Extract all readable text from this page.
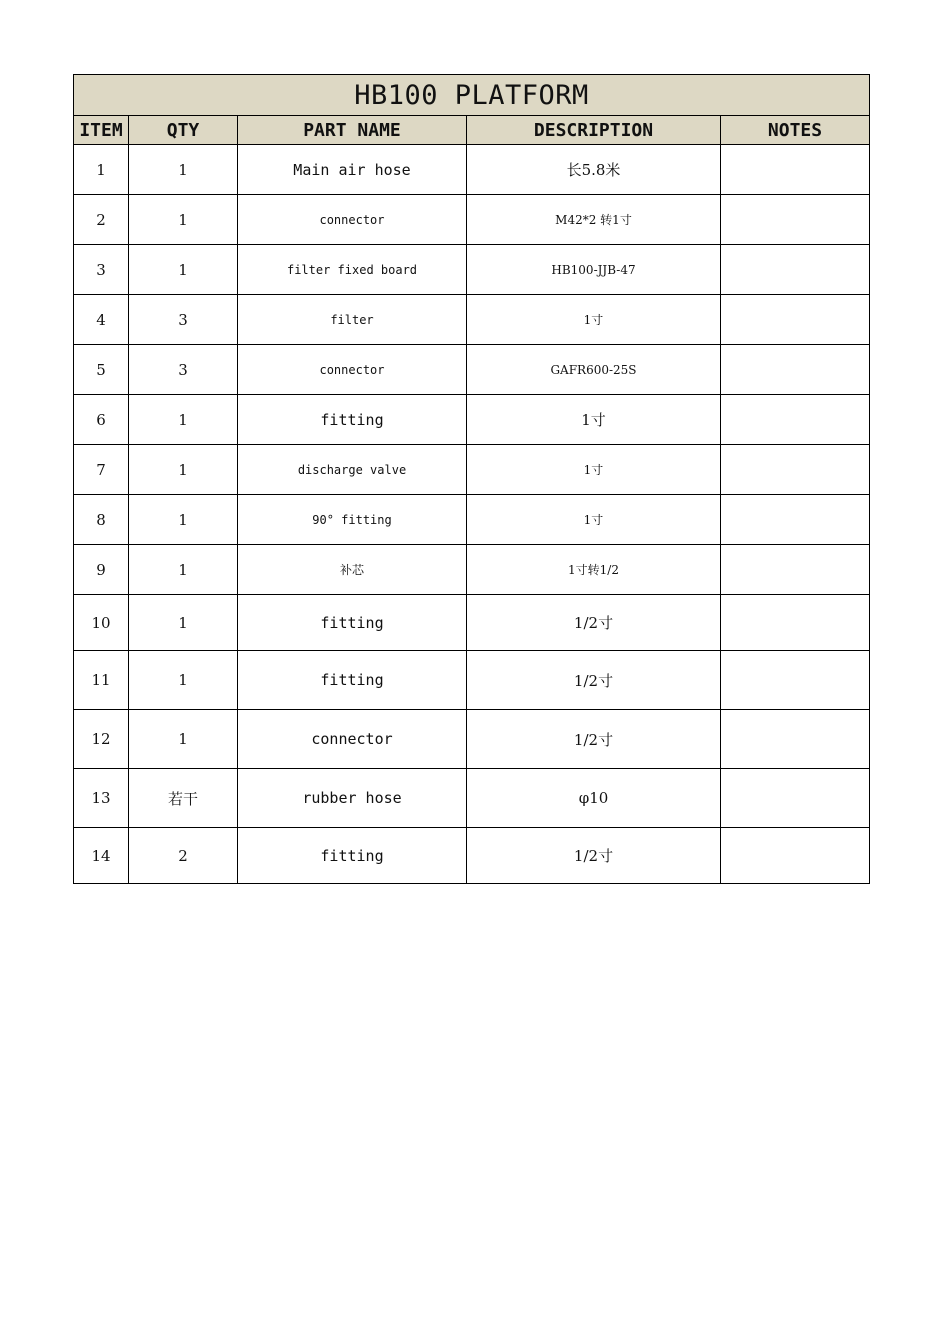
HB100 PLATFORM				
ITEM	QTY	PART NAME	DESCRIPTION	NOTES
1	1	Main air hose	长5.8米	
2	1	connector	M42*2 转1寸	
3	1	filter fixed board	HB100-JJB-47	
4	3	filter	1寸	
5	3	connector	GAFR600-25S	
6	1	fitting	1寸	
7	1	discharge valve	1寸	
8	1	90° fitting	1寸	
9	1	补芯	1寸转1/2	
10	1	fitting	1/2寸	
11	1	fitting	1/2寸	
12	1	connector	1/2寸	
13	若干	rubber hose	φ10	
14	2	fitting	1/2寸	
